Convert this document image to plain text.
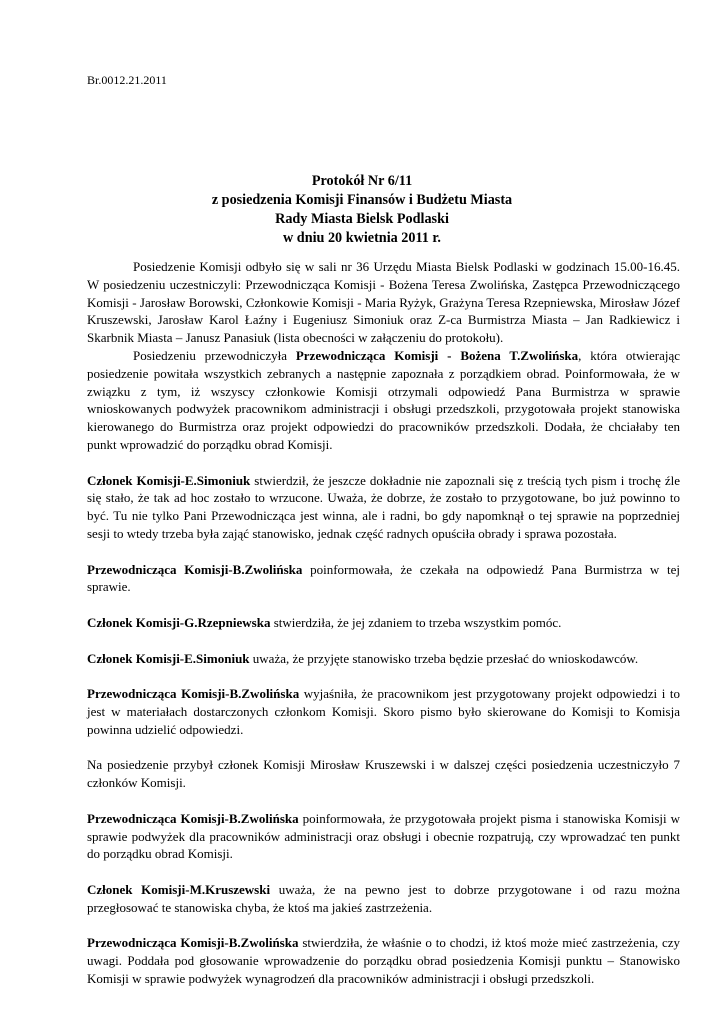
Br.0012.21.2011

Protokół Nr 6/11
z posiedzenia Komisji Finansów i Budżetu Miasta
Rady Miasta Bielsk Podlaski
w dniu 20 kwietnia 2011 r.

Posiedzenie Komisji odbyło się w sali nr 36 Urzędu Miasta Bielsk Podlaski w godzinach 15.00-16.45. W posiedzeniu uczestniczyli: Przewodnicząca Komisji - Bożena Teresa Zwolińska, Zastępca Przewodniczącego Komisji - Jarosław Borowski, Członkowie Komisji - Maria Ryżyk, Grażyna Teresa Rzepniewska, Mirosław Józef Kruszewski, Jarosław Karol Łaźny i Eugeniusz Simoniuk oraz Z-ca Burmistrza Miasta – Jan Radkiewicz i Skarbnik Miasta – Janusz Panasiuk (lista obecności w załączeniu do protokołu).

Posiedzeniu przewodniczyła Przewodnicząca Komisji - Bożena T.Zwolińska, która otwierając posiedzenie powitała wszystkich zebranych a następnie zapoznała z porządkiem obrad. Poinformowała, że w związku z tym, iż wszyscy członkowie Komisji otrzymali odpowiedź Pana Burmistrza w sprawie wnioskowanych podwyżek pracownikom administracji i obsługi przedszkoli, przygotowała projekt stanowiska kierowanego do Burmistrza oraz projekt odpowiedzi do pracowników przedszkoli. Dodała, że chciałaby ten punkt wprowadzić do porządku obrad Komisji.

Członek Komisji-E.Simoniuk stwierdził, że jeszcze dokładnie nie zapoznali się z treścią tych pism i trochę źle się stało, że tak ad hoc zostało to wrzucone. Uważa, że dobrze, że zostało to przygotowane, bo już powinno to być. Tu nie tylko Pani Przewodnicząca jest winna, ale i radni, bo gdy napomknął o tej sprawie na poprzedniej sesji to wtedy trzeba była zająć stanowisko, jednak część radnych opuściła obrady i sprawa pozostała.

Przewodnicząca Komisji-B.Zwolińska poinformowała, że czekała na odpowiedź Pana Burmistrza w tej sprawie.

Członek Komisji-G.Rzepniewska stwierdziła, że jej zdaniem to trzeba wszystkim pomóc.

Członek Komisji-E.Simoniuk uważa, że przyjęte stanowisko trzeba będzie przesłać do wnioskodawców.

Przewodnicząca Komisji-B.Zwolińska wyjaśniła, że pracownikom jest przygotowany projekt odpowiedzi i to jest w materiałach dostarczonych członkom Komisji. Skoro pismo było skierowane do Komisji to Komisja powinna udzielić odpowiedzi.

Na posiedzenie przybył członek Komisji Mirosław Kruszewski i w dalszej części posiedzenia uczestniczyło 7 członków Komisji.

Przewodnicząca Komisji-B.Zwolińska poinformowała, że przygotowała projekt pisma i stanowiska Komisji w sprawie podwyżek dla pracowników administracji oraz obsługi i obecnie rozpatrują, czy wprowadzać ten punkt do porządku obrad Komisji.

Członek Komisji-M.Kruszewski uważa, że na pewno jest to dobrze przygotowane i od razu można przegłosować te stanowiska chyba, że ktoś ma jakieś zastrzeżenia.

Przewodnicząca Komisji-B.Zwolińska stwierdziła, że właśnie o to chodzi, iż ktoś może mieć zastrzeżenia, czy uwagi. Poddała pod głosowanie wprowadzenie do porządku obrad posiedzenia Komisji punktu – Stanowisko Komisji w sprawie podwyżek wynagrodzeń dla pracowników administracji i obsługi przedszkoli.
